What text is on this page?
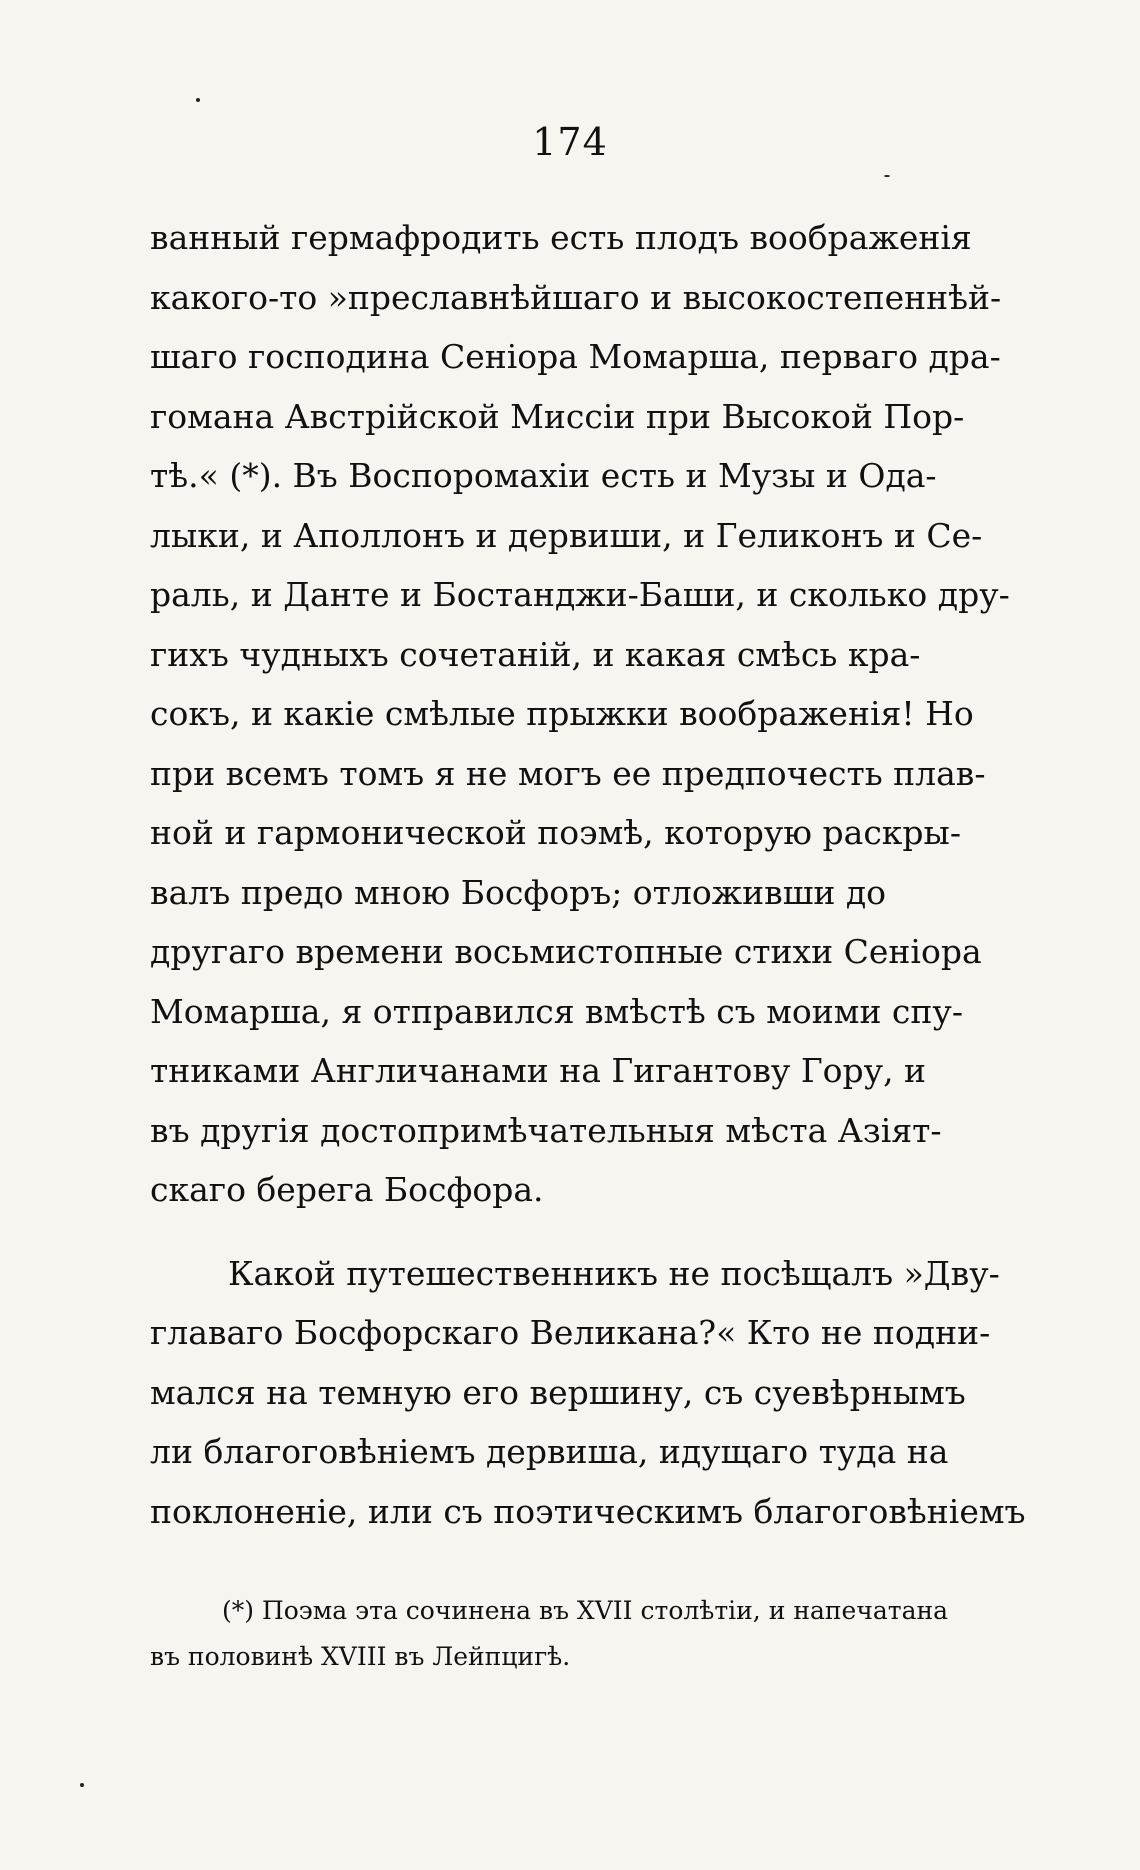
174
ванный гермафродить есть плодъ воображенія
какого-то »преславнѣйшаго и высокостепеннѣй-
шаго господина Сеніора Момарша, перваго дра-
гомана Австрійской Миссіи при Высокой Пор-
тѣ.« (*). Въ Воспоромахіи есть и Музы и Ода-
лыки, и Аполлонъ и дервиши, и Геликонъ и Се-
раль, и Данте и Бостанджи-Баши, и сколько дру-
гихъ чудныхъ сочетаній, и какая смѣсь кра-
сокъ, и какіе смѣлые прыжки воображенія! Но
при всемъ томъ я не могъ ее предпочесть плав-
ной и гармонической поэмѣ, которую раскры-
валъ предо мною Босфоръ; отложивши до
другаго времени восьмистопные стихи Сеніора
Момарша, я отправился вмѣстѣ съ моими спу-
тниками Англичанами на Гигантову Гору, и
въ другія достопримѣчательныя мѣста Азіят-
скаго берега Босфора.
Какой путешественникъ не посѣщалъ »Дву-
главаго Босфорскаго Великана?« Кто не подни-
мался на темную его вершину, съ суевѣрнымъ
ли благоговѣніемъ дервиша, идущаго туда на
поклоненіе, или съ поэтическимъ благоговѣніемъ
(*) Поэма эта сочинена въ XVII столѣтіи, и напечатана
въ половинѣ XVIII въ Лейпцигѣ.
